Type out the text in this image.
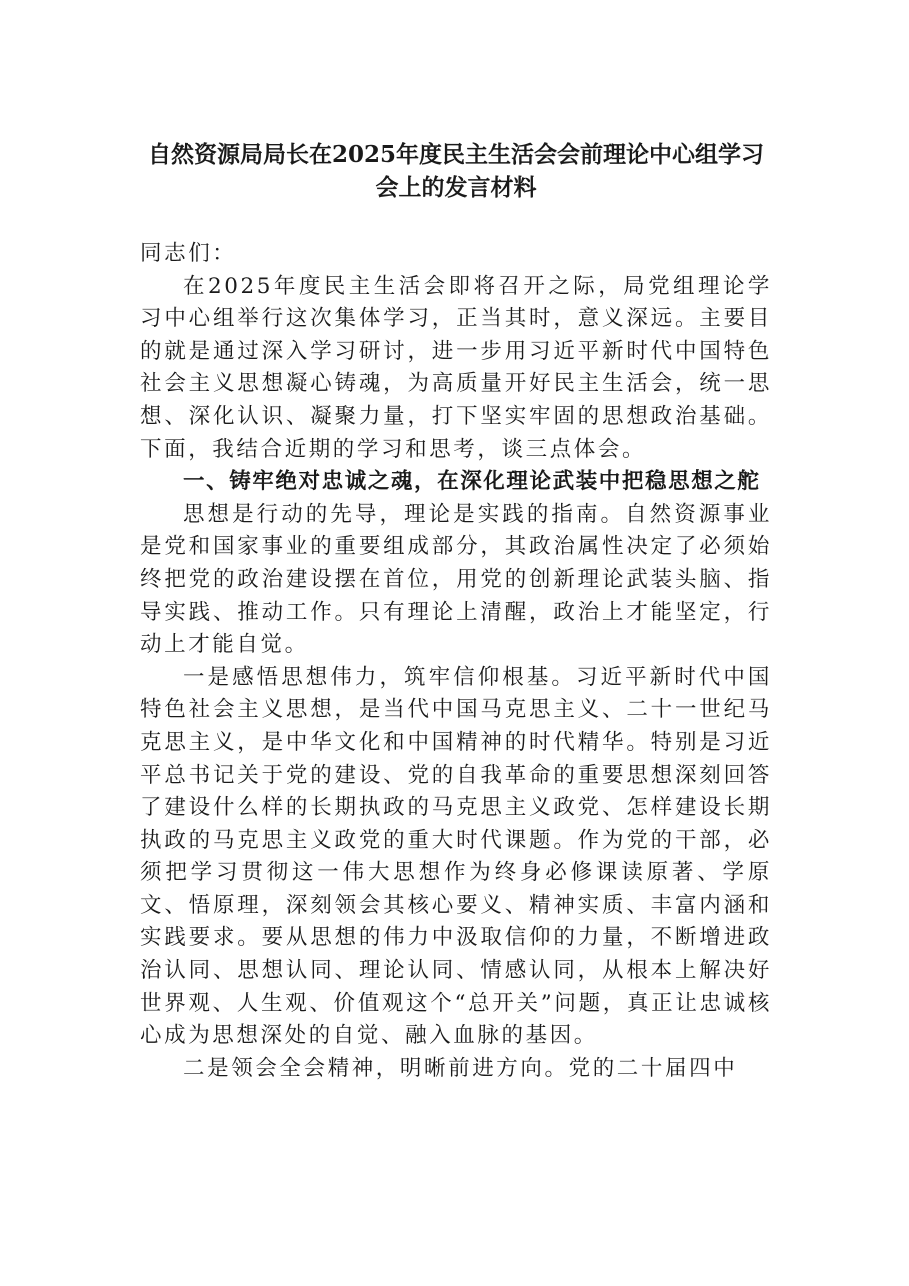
自然资源局局长在2025年度民主生活会会前理论中心组学习会上的发言材料

同志们：

在2025年度民主生活会即将召开之际，局党组理论学习中心组举行这次集体学习，正当其时，意义深远。主要目的就是通过深入学习研讨，进一步用习近平新时代中国特色社会主义思想凝心铸魂，为高质量开好民主生活会，统一思想、深化认识、凝聚力量，打下坚实牢固的思想政治基础。下面，我结合近期的学习和思考，谈三点体会。

一、铸牢绝对忠诚之魂，在深化理论武装中把稳思想之舵

思想是行动的先导，理论是实践的指南。自然资源事业是党和国家事业的重要组成部分，其政治属性决定了必须始终把党的政治建设摆在首位，用党的创新理论武装头脑、指导实践、推动工作。只有理论上清醒，政治上才能坚定，行动上才能自觉。

一是感悟思想伟力，筑牢信仰根基。习近平新时代中国特色社会主义思想，是当代中国马克思主义、二十一世纪马克思主义，是中华文化和中国精神的时代精华。特别是习近平总书记关于党的建设、党的自我革命的重要思想深刻回答了建设什么样的长期执政的马克思主义政党、怎样建设长期执政的马克思主义政党的重大时代课题。作为党的干部，必须把学习贯彻这一伟大思想作为终身必修课读原著、学原文、悟原理，深刻领会其核心要义、精神实质、丰富内涵和实践要求。要从思想的伟力中汲取信仰的力量，不断增进政治认同、思想认同、理论认同、情感认同，从根本上解决好世界观、人生观、价值观这个“总开关”问题，真正让忠诚核心成为思想深处的自觉、融入血脉的基因。

二是领会全会精神，明晰前进方向。党的二十届四中
